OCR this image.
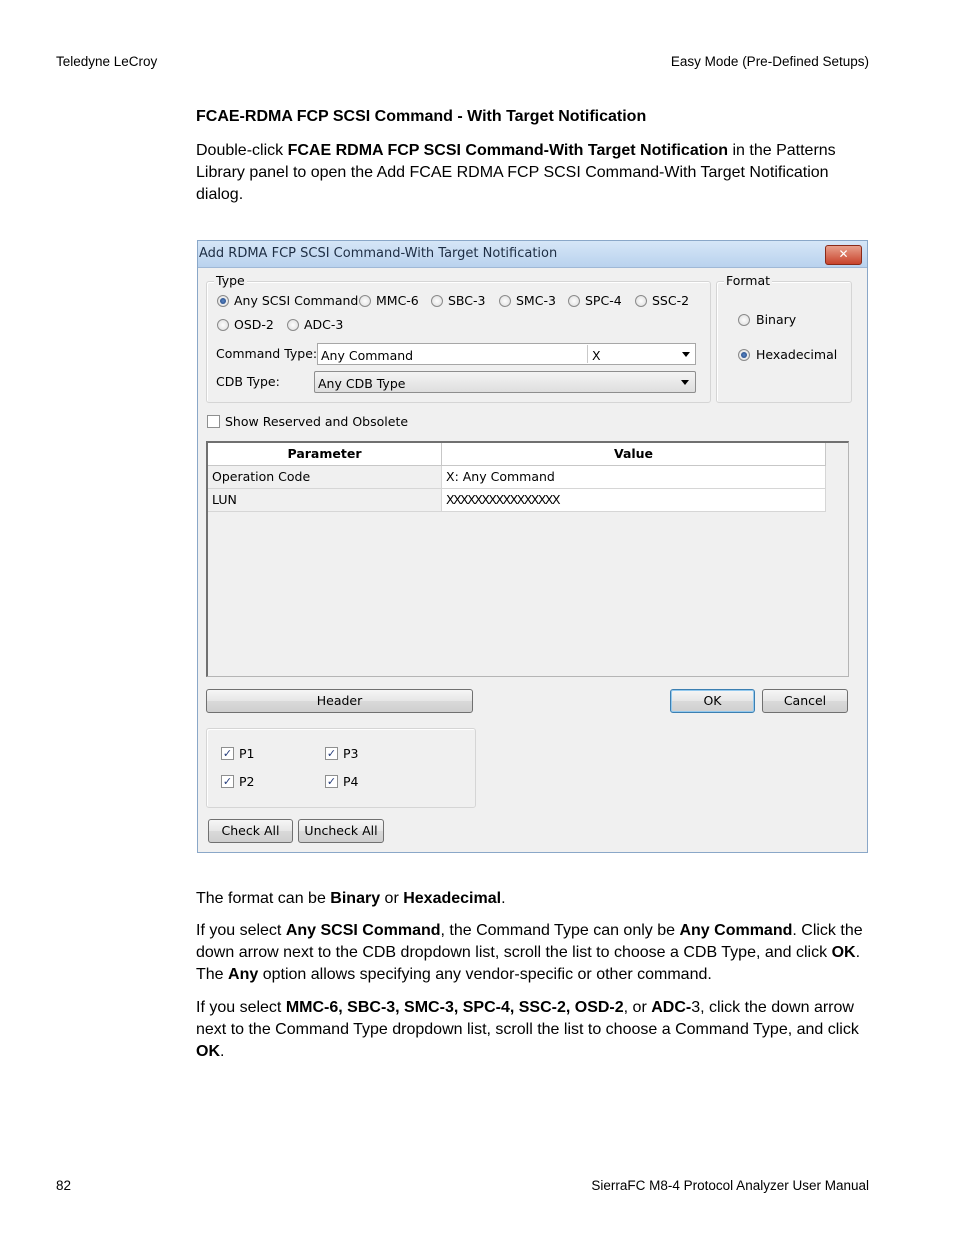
Teledyne LeCroy	Easy Mode (Pre-Defined Setups)
FCAE-RDMA FCP SCSI Command - With Target Notification
Double-click FCAE RDMA FCP SCSI Command-With Target Notification in the Patterns Library panel to open the Add FCAE RDMA FCP SCSI Command-With Target Notification dialog.
Add RDMA FCP SCSI Command-With Target Notification	✕
Type
Any SCSI Command MMC-6 SBC-3 SMC-3 SPC-4 SSC-2
OSD-2 ADC-3
Command Type: Any Command	X
CDB Type:	Any CDB Type
Format
Binary
Hexadecimal
Show Reserved and Obsolete
Parameter	Value
Operation Code	X: Any Command
LUN	XXXXXXXXXXXXXXXX
Header	OK	Cancel
✓ P1	✓ P3
✓ P2	✓ P4
Check All	Uncheck All
The format can be Binary or Hexadecimal.
If you select Any SCSI Command, the Command Type can only be Any Command. Click the down arrow next to the CDB dropdown list, scroll the list to choose a CDB Type, and click OK. The Any option allows specifying any vendor-specific or other command.
If you select MMC-6, SBC-3, SMC-3, SPC-4, SSC-2, OSD-2, or ADC-3, click the down arrow next to the Command Type dropdown list, scroll the list to choose a Command Type, and click OK.
82	SierraFC M8-4 Protocol Analyzer User Manual
